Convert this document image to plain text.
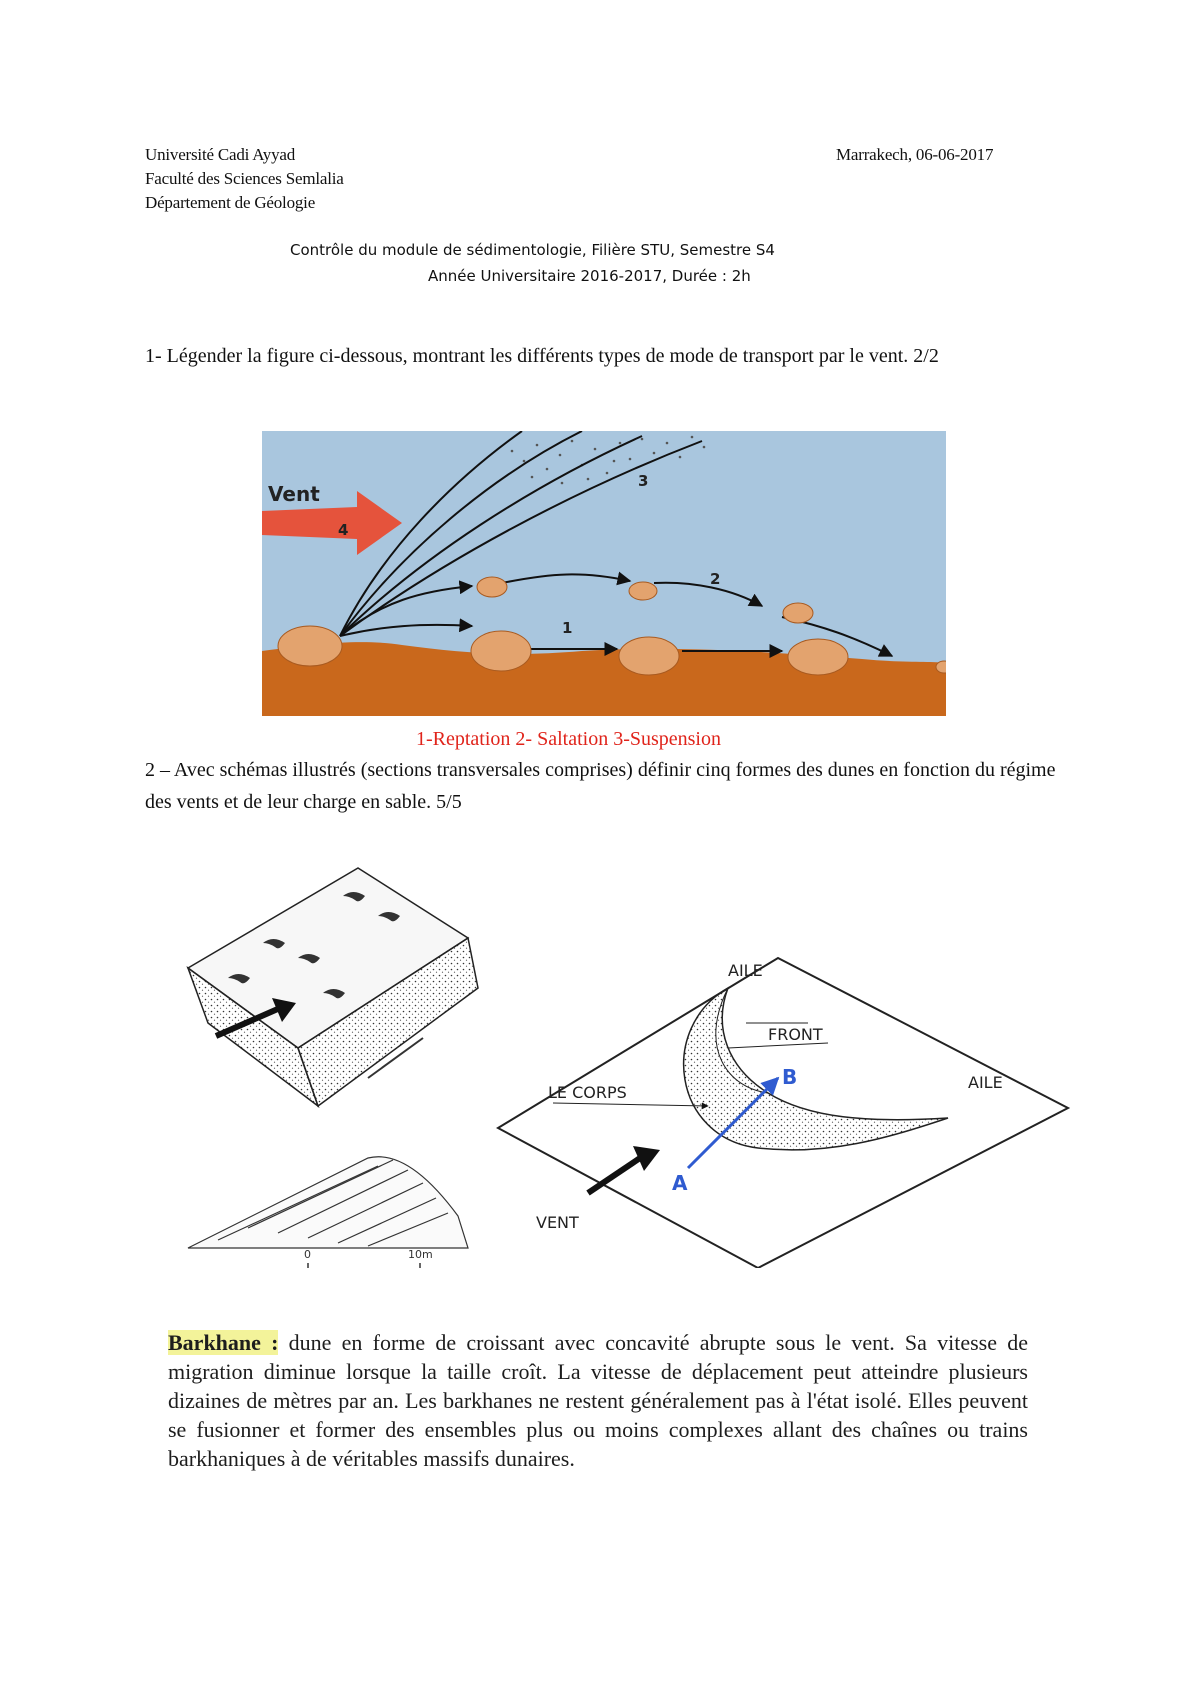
Université Cadi Ayyad
Faculté des Sciences Semlalia
Département de Géologie
Marrakech, 06-06-2017
Contrôle du module de sédimentologie, Filière STU, Semestre S4
Année Universitaire 2016-2017, Durée : 2h
1- Légender la figure ci-dessous, montrant les différents types de mode de transport par le vent. 2/2
Vent
4
1
2
3
1-Reptation 2- Saltation 3-Suspension
2 – Avec schémas illustrés (sections transversales comprises) définir cinq formes des dunes en fonction du régime des vents et de leur charge en sable. 5/5
0	10m
B
A
AILE
FRONT
AILE
LE CORPS
VENT
Barkhane : dune en forme de croissant avec concavité abrupte sous le vent. Sa vitesse de migration diminue lorsque la taille croît. La vitesse de déplacement peut atteindre plusieurs dizaines de mètres par an. Les barkhanes ne restent généralement pas à l'état isolé. Elles peuvent se fusionner et former des ensembles plus ou moins complexes allant des chaînes ou trains barkhaniques à de véritables massifs dunaires.
